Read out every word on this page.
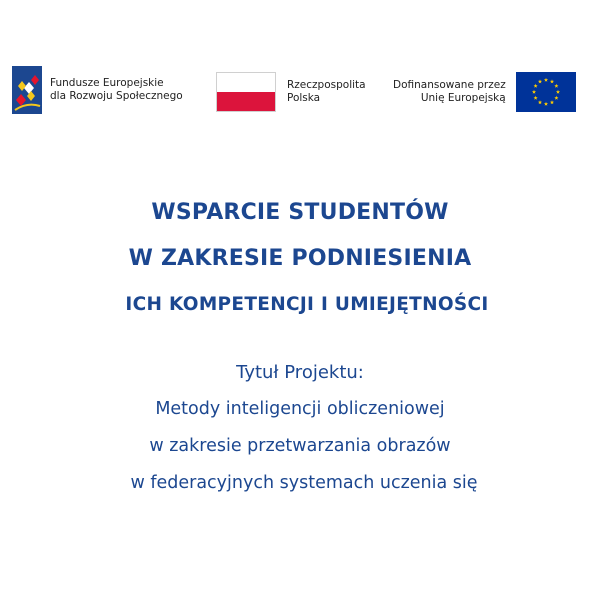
Fundusze Europejskie
dla Rozwoju Społecznego
Rzeczpospolita
Polska
Dofinansowane przez
Unię Europejską
WSPARCIE STUDENTÓW
W ZAKRESIE PODNIESIENIA
ICH KOMPETENCJI I UMIEJĘTNOŚCI
Tytuł Projektu:
Metody inteligencji obliczeniowej
w zakresie przetwarzania obrazów
w federacyjnych systemach uczenia się
